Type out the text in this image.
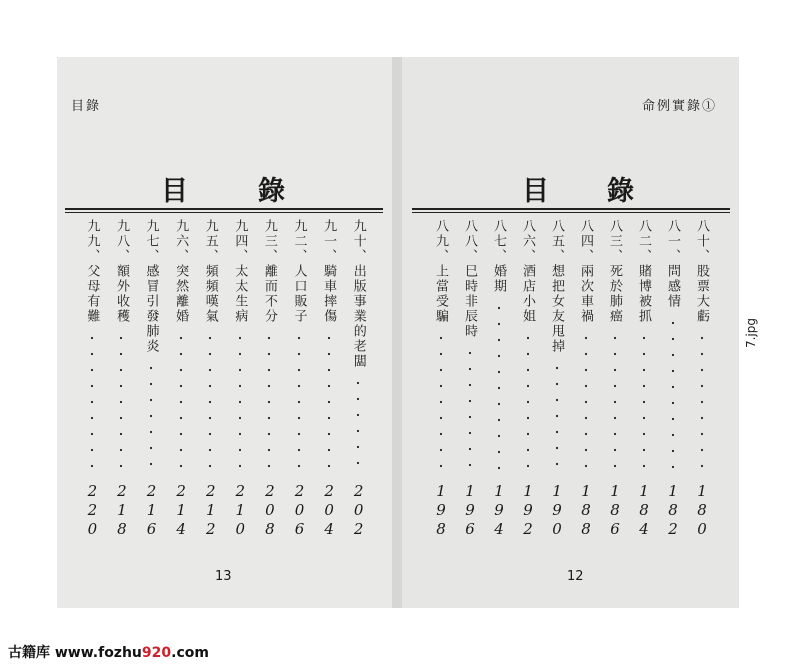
目錄
目	錄
九十、出版事業的老闆
202
九一、騎車摔傷
204
九二、人口販子
206
九三、離而不分
208
九四、太太生病
210
九五、頻頻嘆氣
212
九六、突然離婚
214
九七、感冒引發肺炎
216
九八、額外收穫
218
九九、父母有難
220
13
命例實錄①
目 錄
八十、股票大虧
180
八一、問感情
182
八二、賭博被抓
184
八三、死於肺癌
186
八四、兩次車禍
188
八五、想把女友甩掉
190
八六、酒店小姐
192
八七、婚期
194
八八、巳時非辰時
196
八九、上當受騙
198
12
7.jpg
古籍库 www.fozhu920.com
